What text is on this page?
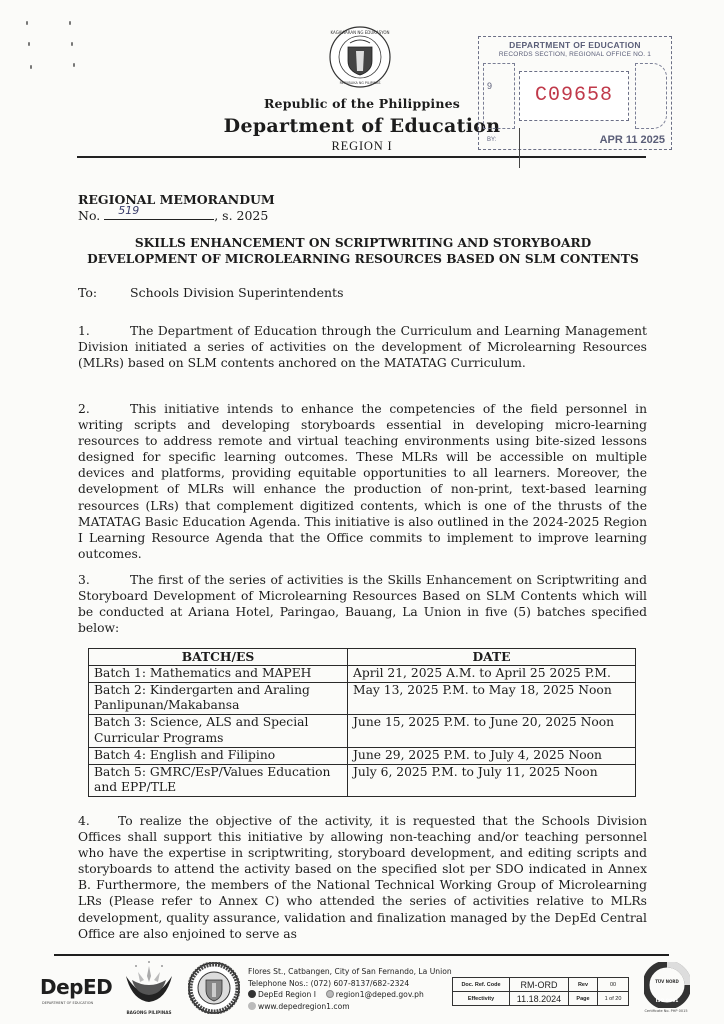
KAGAWARAN NG EDUKASYON
REPUBLIKA NG PILIPINAS
Republic of the Philippines
Department of Education
REGION I
DEPARTMENT OF EDUCATION
RECORDS SECTION, REGIONAL OFFICE NO. 1
9	C09658
BY:	APR 11 2025
REGIONAL MEMORANDUM
No. 519	, s. 2025
SKILLS ENHANCEMENT ON SCRIPTWRITING AND STORYBOARD
DEVELOPMENT OF MICROLEARNING RESOURCES BASED ON SLM CONTENTS
To:	Schools Division Superintendents
1.	The Department of Education through the Curriculum and Learning Management Division initiated a series of activities on the development of Microlearning Resources (MLRs) based on SLM contents anchored on the MATATAG Curriculum.
2.	This initiative intends to enhance the competencies of the field personnel in writing scripts and developing storyboards essential in developing micro-learning resources to address remote and virtual teaching environments using bite-sized lessons designed for specific learning outcomes. These MLRs will be accessible on multiple devices and platforms, providing equitable opportunities to all learners. Moreover, the development of MLRs will enhance the production of non-print, text-based learning resources (LRs) that complement digitized contents, which is one of the thrusts of the MATATAG Basic Education Agenda. This initiative is also outlined in the 2024-2025 Region I Learning Resource Agenda that the Office commits to implement to improve learning outcomes.
3.	The first of the series of activities is the Skills Enhancement on Scriptwriting and Storyboard Development of Microlearning Resources Based on SLM Contents which will be conducted at Ariana Hotel, Paringao, Bauang, La Union in five (5) batches specified below:
BATCH/ES	DATE
Batch 1: Mathematics and MAPEH	April 21, 2025 A.M. to April 25 2025 P.M.
Batch 2: Kindergarten and Araling Panlipunan/Makabansa	May 13, 2025 P.M. to May 18, 2025 Noon
Batch 3: Science, ALS and Special Curricular Programs	June 15, 2025 P.M. to June 20, 2025 Noon
Batch 4: English and Filipino	June 29, 2025 P.M. to July 4, 2025 Noon
Batch 5: GMRC/EsP/Values Education and EPP/TLE	July 6, 2025 P.M. to July 11, 2025 Noon
4. To realize the objective of the activity, it is requested that the Schools Division Offices shall support this initiative by allowing non-teaching and/or teaching personnel who have the expertise in scriptwriting, storyboard development, and editing scripts and storyboards to attend the activity based on the specified slot per SDO indicated in Annex B. Furthermore, the members of the National Technical Working Group of Microlearning LRs (Please refer to Annex C) who attended the series of activities relative to MLRs development, quality assurance, validation and finalization managed by the DepEd Central Office are also enjoined to serve as
DepED
DEPARTMENT OF EDUCATION
BAGONG PILIPINAS
Flores St., Catbangen, City of San Fernando, La Union
Telephone Nos.: (072) 607-8137/682-2324
DepEd Region I	region1@deped.gov.ph
www.depedregion1.com
Doc. Ref. Code	RM-ORD	Rev	00
Effectivity	11.18.2024	Page	1 of 20
TÜV NORD
ISO 9001
Certificate No. PHP 0015
